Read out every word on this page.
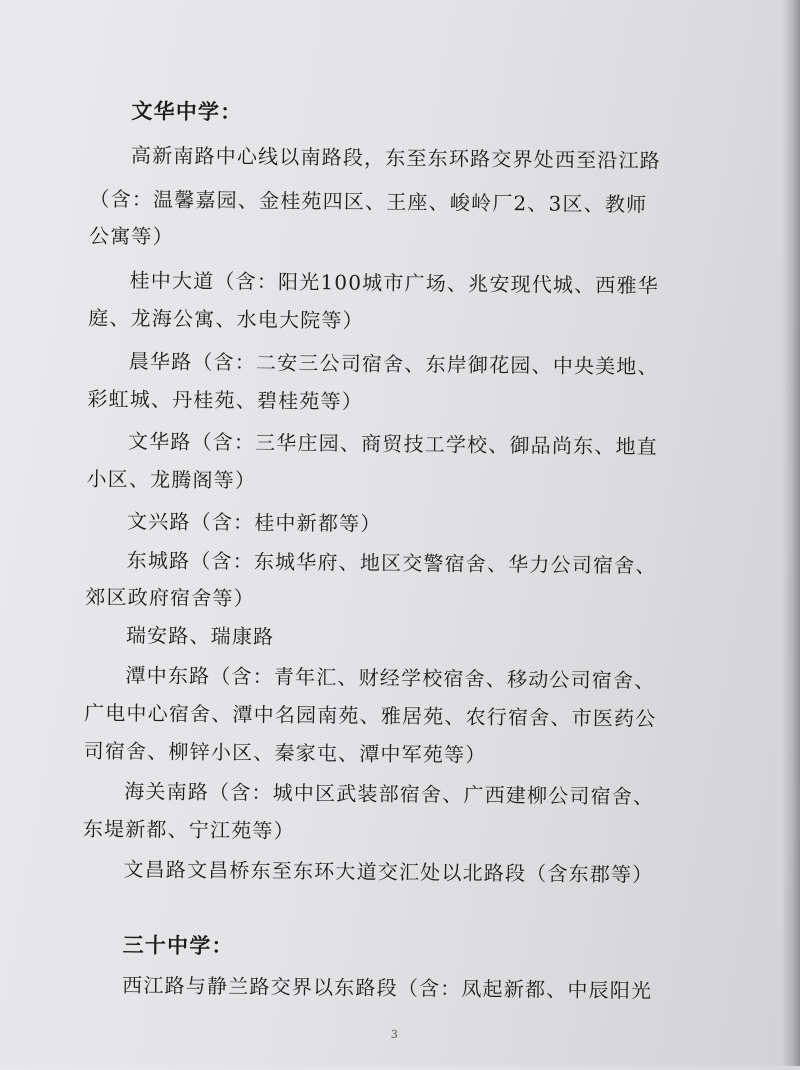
文华中学：
高新南路中心线以南路段，东至东环路交界处西至沿江路
（含：温馨嘉园、金桂苑四区、王座、峻岭厂2、3区、教师
公寓等）
桂中大道（含：阳光100城市广场、兆安现代城、西雅华
庭、龙海公寓、水电大院等）
晨华路（含：二安三公司宿舍、东岸御花园、中央美地、
彩虹城、丹桂苑、碧桂苑等）
文华路（含：三华庄园、商贸技工学校、御品尚东、地直
小区、龙腾阁等）
文兴路（含：桂中新都等）
东城路（含：东城华府、地区交警宿舍、华力公司宿舍、
郊区政府宿舍等）
瑞安路、瑞康路
潭中东路（含：青年汇、财经学校宿舍、移动公司宿舍、
广电中心宿舍、潭中名园南苑、雅居苑、农行宿舍、市医药公
司宿舍、柳锌小区、秦家屯、潭中军苑等）
海关南路（含：城中区武装部宿舍、广西建柳公司宿舍、
东堤新都、宁江苑等）
文昌路文昌桥东至东环大道交汇处以北路段（含东郡等）
三十中学：
西江路与静兰路交界以东路段（含：凤起新都、中辰阳光
3
